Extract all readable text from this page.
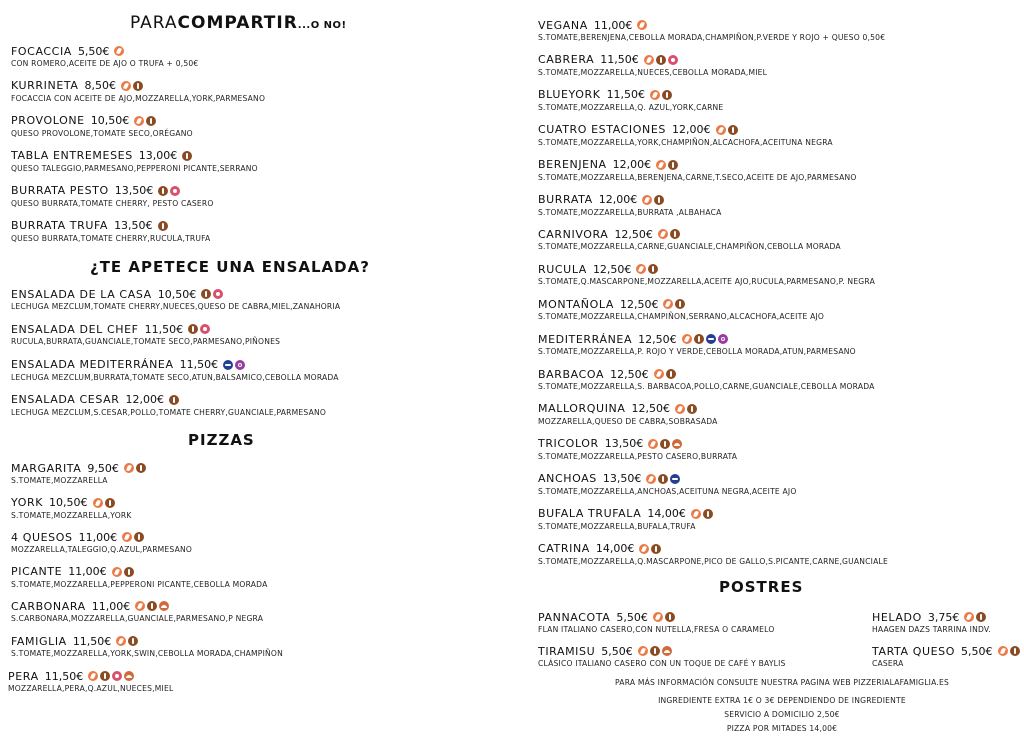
PARACOMPARTIR...O NO!
FOCACCIA 5,50€
CON ROMERO,ACEITE DE AJO O TRUFA + 0,50€
KURRINETA 8,50€
FOCACCIA CON ACEITE DE AJO,MOZZARELLA,YORK,PARMESANO
PROVOLONE 10,50€
QUESO PROVOLONE,TOMATE SECO,ORÉGANO
TABLA ENTREMESES 13,00€
QUESO TALEGGIO,PARMESANO,PEPPERONI PICANTE,SERRANO
BURRATA PESTO 13,50€
QUESO BURRATA,TOMATE CHERRY, PESTO CASERO
BURRATA TRUFA 13,50€
QUESO BURRATA,TOMATE CHERRY,RUCULA,TRUFA
¿TE APETECE UNA ENSALADA?
ENSALADA DE LA CASA 10,50€
LECHUGA MEZCLUM,TOMATE CHERRY,NUECES,QUESO DE CABRA,MIEL,ZANAHORIA
ENSALADA DEL CHEF 11,50€
RUCULA,BURRATA,GUANCIALE,TOMATE SECO,PARMESANO,PIÑONES
ENSALADA MEDITERRÁNEA 11,50€
LECHUGA MEZCLUM,BURRATA,TOMATE SECO,ATUN,BALSAMICO,CEBOLLA MORADA
ENSALADA CESAR 12,00€
LECHUGA MEZCLUM,S.CESAR,POLLO,TOMATE CHERRY,GUANCIALE,PARMESANO
PIZZAS
MARGARITA 9,50€
S.TOMATE,MOZZARELLA
YORK 10,50€
S.TOMATE,MOZZARELLA,YORK
4 QUESOS 11,00€
MOZZARELLA,TALEGGIO,Q.AZUL,PARMESANO
PICANTE 11,00€
S.TOMATE,MOZZARELLA,PEPPERONI PICANTE,CEBOLLA MORADA
CARBONARA 11,00€
S.CARBONARA,MOZZARELLA,GUANCIALE,PARMESANO,P NEGRA
FAMIGLIA 11,50€
S.TOMATE,MOZZARELLA,YORK,SWIN,CEBOLLA MORADA,CHAMPIÑON
PERA 11,50€
MOZZARELLA,PERA,Q.AZUL,NUECES,MIEL
VEGANA 11,00€
S.TOMATE,BERENJENA,CEBOLLA MORADA,CHAMPIÑON,P.VERDE Y ROJO + QUESO 0,50€
CABRERA 11,50€
S.TOMATE,MOZZARELLA,NUECES,CEBOLLA MORADA,MIEL
BLUEYORK 11,50€
S.TOMATE,MOZZARELLA,Q. AZUL,YORK,CARNE
CUATRO ESTACIONES 12,00€
S.TOMATE,MOZZARELLA,YORK,CHAMPIÑON,ALCACHOFA,ACEITUNA NEGRA
BERENJENA 12,00€
S.TOMATE,MOZZARELLA,BERENJENA,CARNE,T.SECO,ACEITE DE AJO,PARMESANO
BURRATA 12,00€
S.TOMATE,MOZZARELLA,BURRATA ,ALBAHACA
CARNIVORA 12,50€
S.TOMATE,MOZZARELLA,CARNE,GUANCIALE,CHAMPIÑON,CEBOLLA MORADA
RUCULA 12,50€
S.TOMATE,Q.MASCARPONE,MOZZARELLA,ACEITE AJO,RUCULA,PARMESANO,P. NEGRA
MONTAÑOLA 12,50€
S.TOMATE,MOZZARELLA,CHAMPIÑON,SERRANO,ALCACHOFA,ACEITE AJO
MEDITERRÁNEA 12,50€
S.TOMATE,MOZZARELLA,P. ROJO Y VERDE,CEBOLLA MORADA,ATUN,PARMESANO
BARBACOA 12,50€
S.TOMATE,MOZZARELLA,S. BARBACOA,POLLO,CARNE,GUANCIALE,CEBOLLA MORADA
MALLORQUINA 12,50€
MOZZARELLA,QUESO DE CABRA,SOBRASADA
TRICOLOR 13,50€
S.TOMATE,MOZZARELLA,PESTO CASERO,BURRATA
ANCHOAS 13,50€
S.TOMATE,MOZZARELLA,ANCHOAS,ACEITUNA NEGRA,ACEITE AJO
BUFALA TRUFALA 14,00€
S.TOMATE,MOZZARELLA,BUFALA,TRUFA
CATRINA 14,00€
S.TOMATE,MOZZARELLA,Q.MASCARPONE,PICO DE GALLO,S.PICANTE,CARNE,GUANCIALE
POSTRES
PANNACOTA 5,50€
FLAN ITALIANO CASERO,CON NUTELLA,FRESA O CARAMELO
TIRAMISU 5,50€
CLÁSICO ITALIANO CASERO CON UN TOQUE DE CAFÉ Y BAYLIS
HELADO 3,75€
HAAGEN DAZS TARRINA INDV.
TARTA QUESO 5,50€
CASERA
PARA MÁS INFORMACIÓN CONSULTE NUESTRA PAGINA WEB PIZZERIALAFAMIGLIA.ES
INGREDIENTE EXTRA 1€ O 3€ DEPENDIENDO DE INGREDIENTE
SERVICIO A DOMICILIO 2,50€
PIZZA POR MITADES 14,00€
